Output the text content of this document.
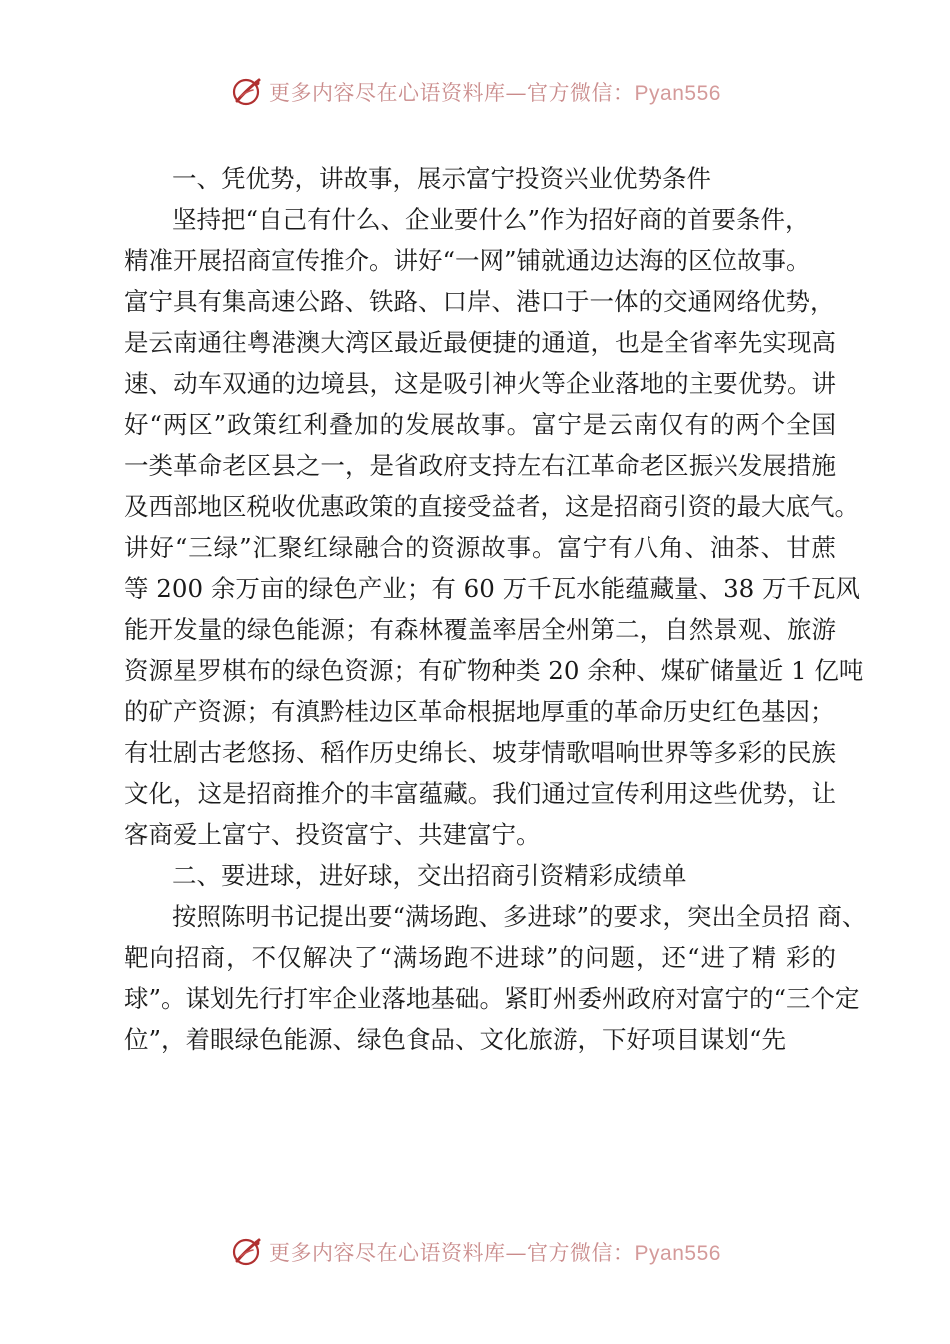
更多内容尽在心语资料库—官方微信：Pyan556
一、凭优势，讲故事，展示富宁投资兴业优势条件
坚持把“自己有什么、企业要什么”作为招好商的首要条件，
精准开展招商宣传推介。讲好“一网”铺就通边达海的区位故事。
富宁具有集高速公路、铁路、口岸、港口于一体的交通网络优势，
是云南通往粤港澳大湾区最近最便捷的通道，也是全省率先实现高
速、动车双通的边境县，这是吸引神火等企业落地的主要优势。讲
好“两区”政策红利叠加的发展故事。富宁是云南仅有的两个全国
一类革命老区县之一，是省政府支持左右江革命老区振兴发展措施
及西部地区税收优惠政策的直接受益者，这是招商引资的最大底气。
讲好“三绿”汇聚红绿融合的资源故事。富宁有八角、油茶、甘蔗
等 200 余万亩的绿色产业；有 60 万千瓦水能蕴藏量、38 万千瓦风
能开发量的绿色能源；有森林覆盖率居全州第二，自然景观、旅游
资源星罗棋布的绿色资源；有矿物种类 20 余种、煤矿储量近 1 亿吨
的矿产资源；有滇黔桂边区革命根据地厚重的革命历史红色基因；
有壮剧古老悠扬、稻作历史绵长、坡芽情歌唱响世界等多彩的民族
文化，这是招商推介的丰富蕴藏。我们通过宣传利用这些优势，让
客商爱上富宁、投资富宁、共建富宁。
二、要进球，进好球，交出招商引资精彩成绩单
按照陈明书记提出要“满场跑、多进球”的要求，突出全员招 商、
靶向招商，不仅解决了“满场跑不进球”的问题，还“进了精 彩的
球”。谋划先行打牢企业落地基础。紧盯州委州政府对富宁的“三个定
位”，着眼绿色能源、绿色食品、文化旅游，下好项目谋划“先
更多内容尽在心语资料库—官方微信：Pyan556
